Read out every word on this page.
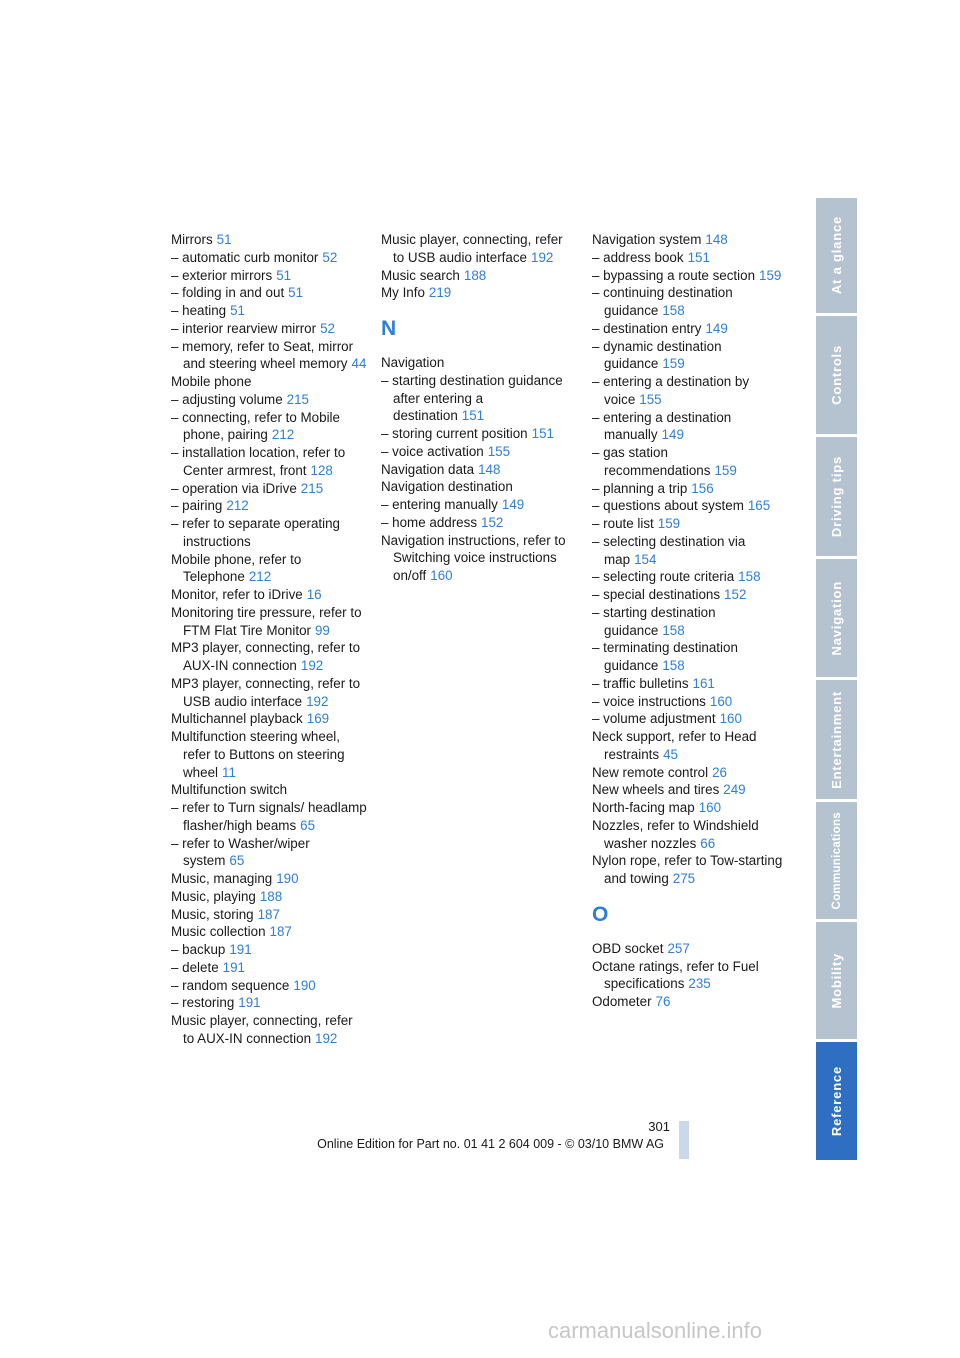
Mirrors 51

– automatic curb monitor 52

– exterior mirrors 51

– folding in and out 51

– heating 51

– interior rearview mirror 52

– memory, refer to Seat, mirror and steering wheel memory 44

Mobile phone

– adjusting volume 215

– connecting, refer to Mobile phone, pairing 212

– installation location, refer to Center armrest, front 128

– operation via iDrive 215

– pairing 212

– refer to separate operating instructions

Mobile phone, refer to Telephone 212

Monitor, refer to iDrive 16

Monitoring tire pressure, refer to FTM Flat Tire Monitor 99

MP3 player, connecting, refer to AUX-IN connection 192

MP3 player, connecting, refer to USB audio interface 192

Multichannel playback 169

Multifunction steering wheel, refer to Buttons on steering wheel 11

Multifunction switch

– refer to Turn signals/ headlamp flasher/high beams 65

– refer to Washer/wiper system 65

Music, managing 190

Music, playing 188

Music, storing 187

Music collection 187

– backup 191

– delete 191

– random sequence 190

– restoring 191

Music player, connecting, refer to AUX-IN connection 192

Music player, connecting, refer to USB audio interface 192

Music search 188

My Info 219

N

Navigation

– starting destination guidance after entering a destination 151

– storing current position 151

– voice activation 155

Navigation data 148

Navigation destination

– entering manually 149

– home address 152

Navigation instructions, refer to Switching voice instructions on/off 160

Navigation system 148

– address book 151

– bypassing a route section 159

– continuing destination guidance 158

– destination entry 149

– dynamic destination guidance 159

– entering a destination by voice 155

– entering a destination manually 149

– gas station recommendations 159

– planning a trip 156

– questions about system 165

– route list 159

– selecting destination via map 154

– selecting route criteria 158

– special destinations 152

– starting destination guidance 158

– terminating destination guidance 158

– traffic bulletins 161

– voice instructions 160

– volume adjustment 160

Neck support, refer to Head restraints 45

New remote control 26

New wheels and tires 249

North-facing map 160

Nozzles, refer to Windshield washer nozzles 66

Nylon rope, refer to Tow-starting and towing 275

O

OBD socket 257

Octane ratings, refer to Fuel specifications 235

Odometer 76

At a glance
Controls
Driving tips
Navigation
Entertainment
Communications
Mobility
Reference
301
Online Edition for Part no. 01 41 2 604 009 - © 03/10 BMW AG
carmanualsonline.info
